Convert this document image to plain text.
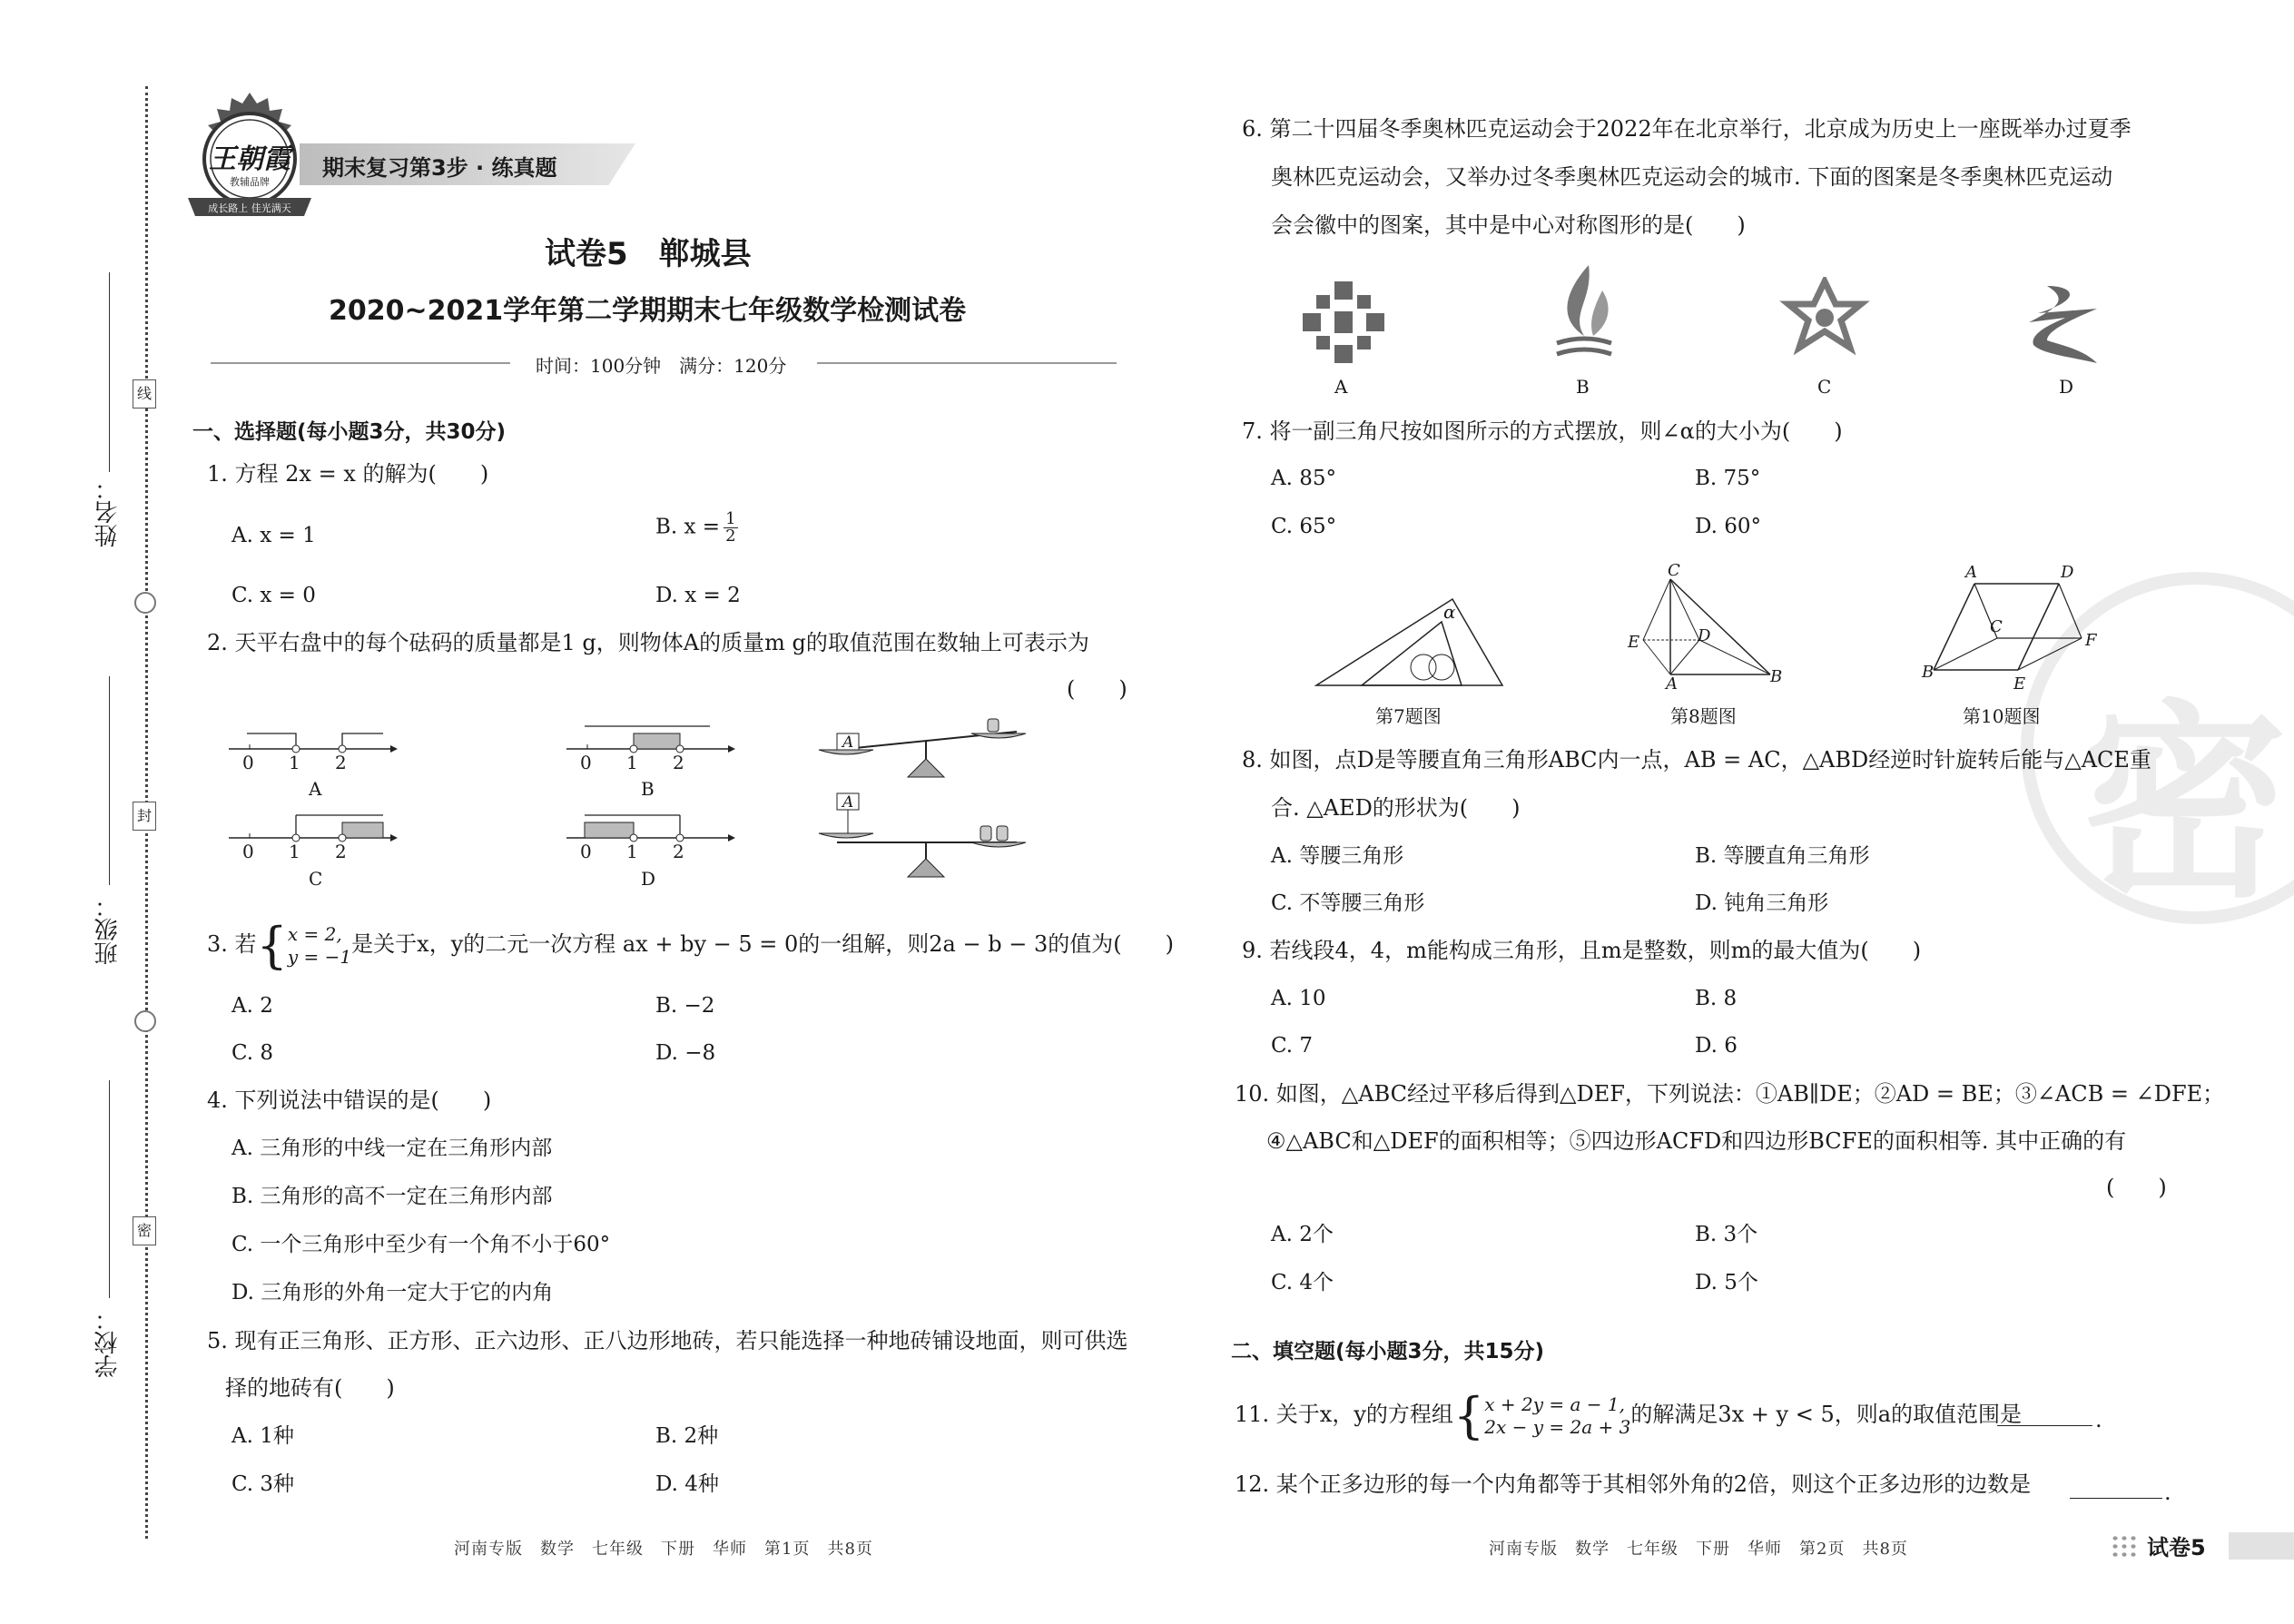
姓名：
班级：
学校：
线
封
密
王朝霞
教辅品牌
成长路上 佳光满天
期末复习第3步 · 练真题
试卷5　郸城县
2020~2021学年第二学期期末七年级数学检测试卷
时间：100分钟　满分：120分
一、选择题(每小题3分，共30分)
1. 方程 2x = x 的解为(　　)
A. x = 1	B. $x = \frac{1}{2}$
C. x = 0	D. x = 2
2. 天平右盘中的每个砝码的质量都是1 g，则物体A的质量m g的取值范围在数轴上可表示为
(　　)
0 1 2
A
0 1 2
B
0 1 2
C
0 1 2
D
A
A
3. 若{ x = 2,
y = −1 是关于x，y的二元一次方程 ax + by − 5 = 0的一组解，则2a − b − 3的值为(　　)
A. 2	B. −2
C. 8	D. −8
4. 下列说法中错误的是(　　)
A. 三角形的中线一定在三角形内部
B. 三角形的高不一定在三角形内部
C. 一个三角形中至少有一个角不小于60°
D. 三角形的外角一定大于它的内角
5. 现有正三角形、正方形、正六边形、正八边形地砖，若只能选择一种地砖铺设地面，则可供选
择的地砖有(　　)
A. 1种	B. 2种
C. 3种	D. 4种
河南专版　数学　七年级　下册　华师　第1页　共8页
密
6. 第二十四届冬季奥林匹克运动会于2022年在北京举行，北京成为历史上一座既举办过夏季
奥林匹克运动会，又举办过冬季奥林匹克运动会的城市. 下面的图案是冬季奥林匹克运动
会会徽中的图案，其中是中心对称图形的是(　　)
A	B	C	D
7. 将一副三角尺按如图所示的方式摆放，则∠α的大小为(　　)
A. 85°	B. 75°
C. 65°	D. 60°
α
第7题图
C
E	D
A	B
第8题图
A	D
C
F
B
E
第10题图
8. 如图，点D是等腰直角三角形ABC内一点，AB = AC，△ABD经逆时针旋转后能与△ACE重
合. △AED的形状为(　　)
A. 等腰三角形	B. 等腰直角三角形
C. 不等腰三角形	D. 钝角三角形
9. 若线段4，4，m能构成三角形，且m是整数，则m的最大值为(　　)
A. 10	B. 8
C. 7	D. 6
10. 如图，△ABC经过平移后得到△DEF，下列说法：①AB∥DE；②AD = BE；③∠ACB = ∠DFE；
④△ABC和△DEF的面积相等；⑤四边形ACFD和四边形BCFE的面积相等. 其中正确的有
(　　)
A. 2个	B. 3个
C. 4个	D. 5个
二、填空题(每小题3分，共15分)
11. 关于x，y的方程组{ x + 2y = a − 1,
2x − y = 2a + 3 的解满足3x + y < 5，则a的取值范围是	.
12. 某个正多边形的每一个内角都等于其相邻外角的2倍，则这个正多边形的边数是	.
河南专版　数学　七年级　下册　华师　第2页　共8页	试卷5
